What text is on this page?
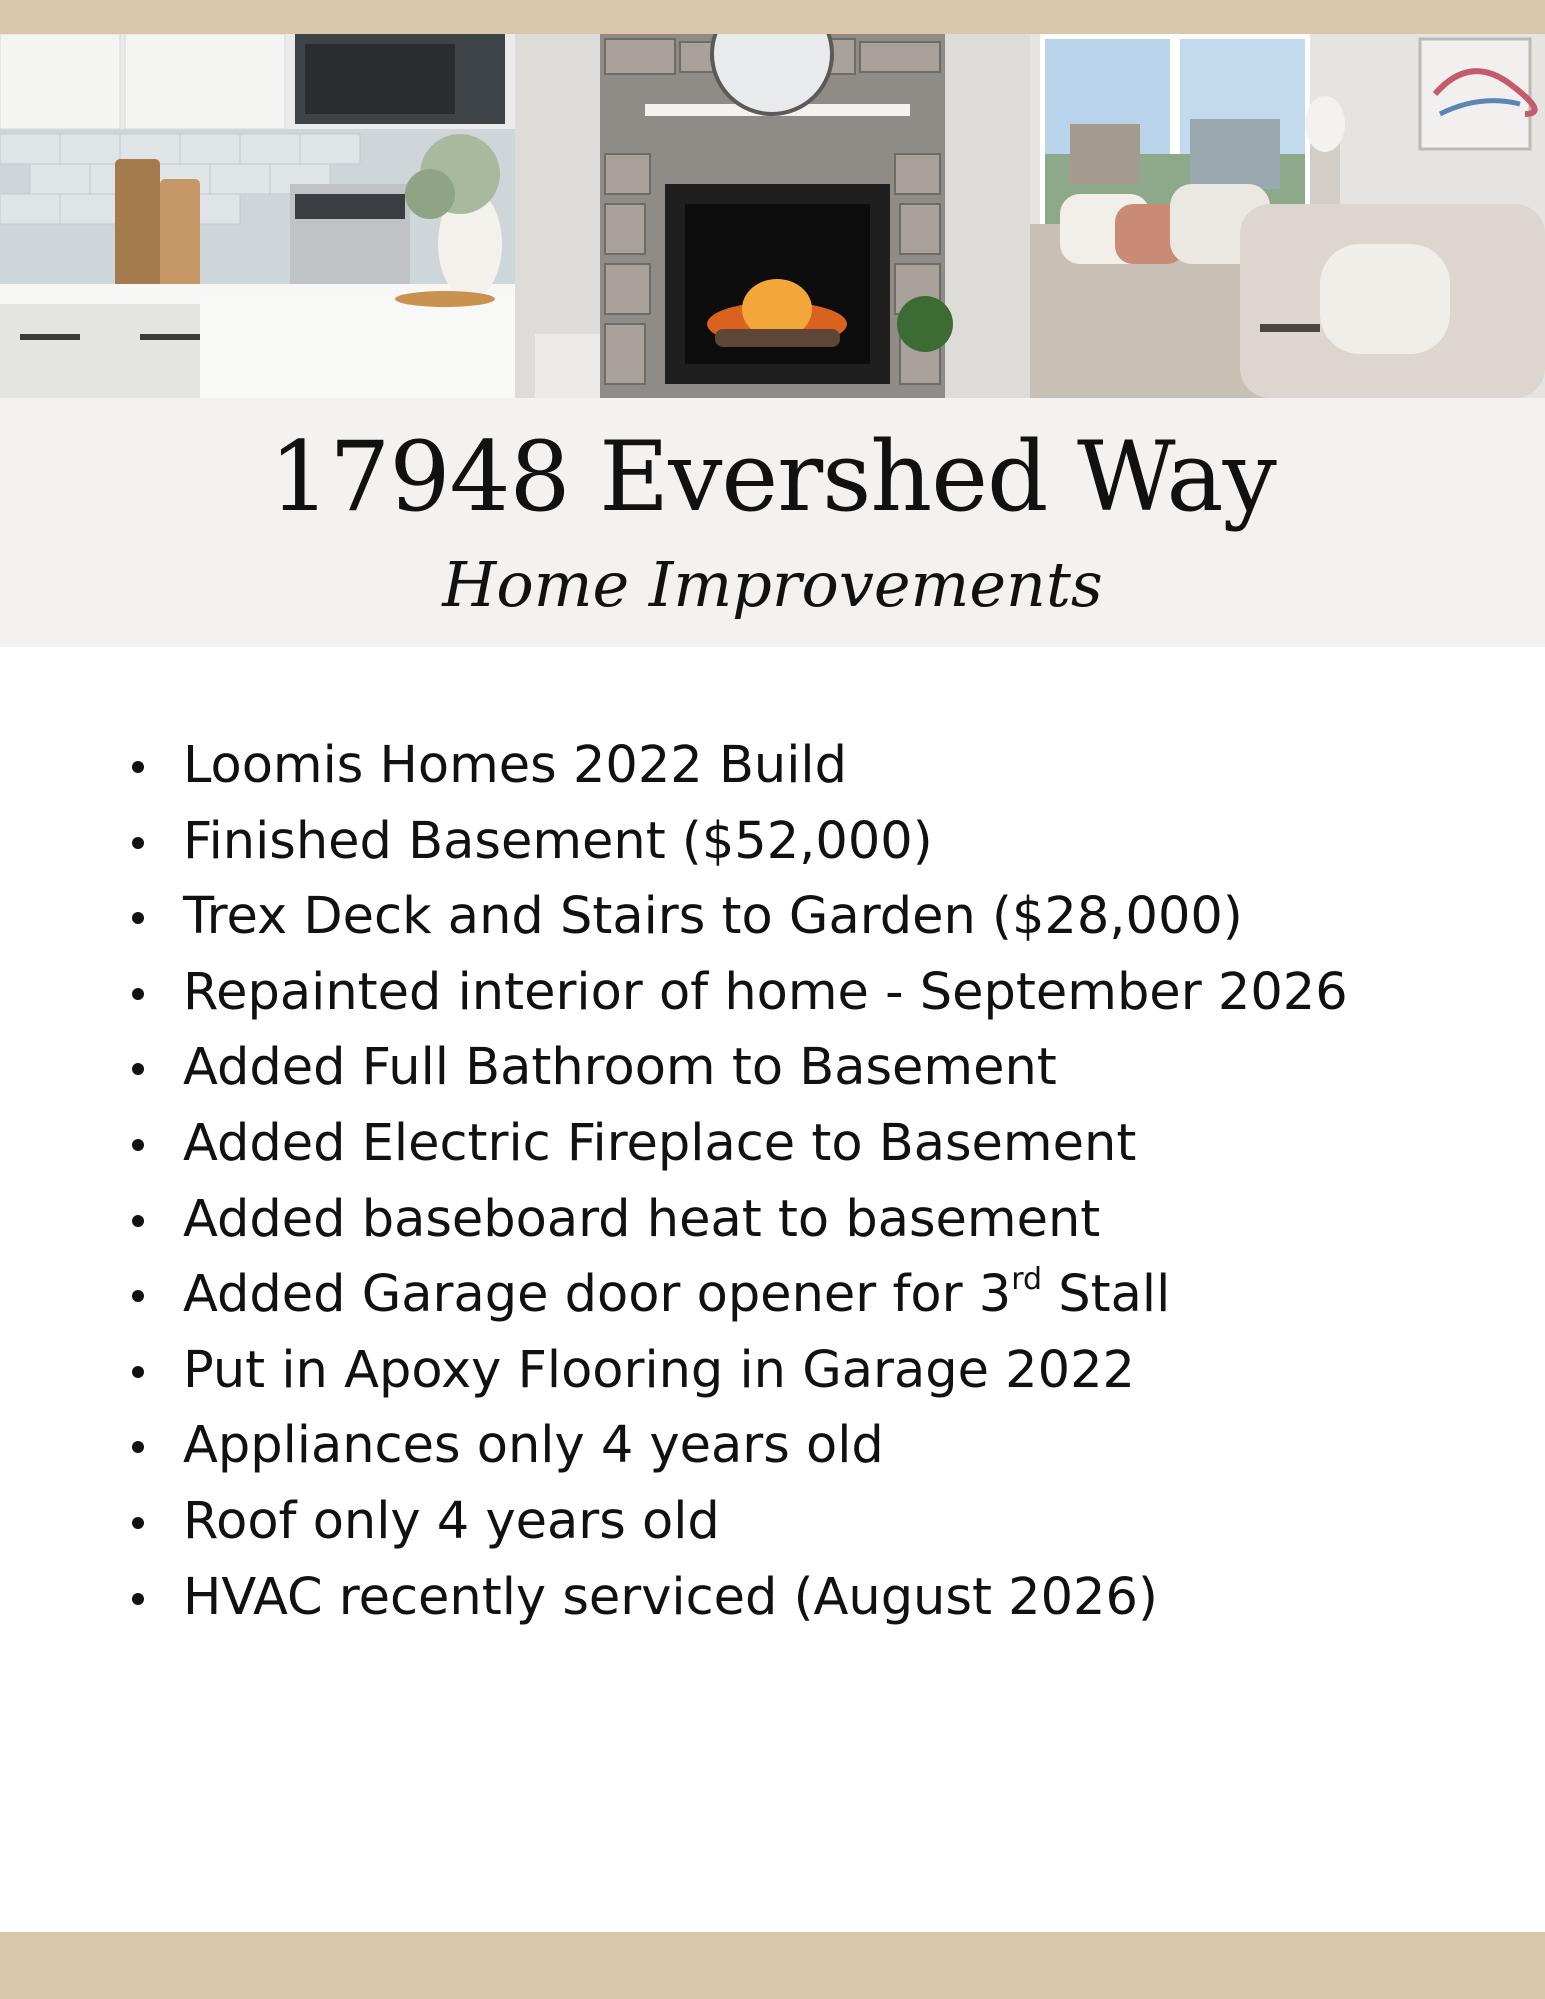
17948 Evershed Way
Home Improvements
Loomis Homes 2022 Build
Finished Basement ($52,000)
Trex Deck and Stairs to Garden ($28,000)
Repainted interior of home - September 2026
Added Full Bathroom to Basement
Added Electric Fireplace to Basement
Added baseboard heat to basement
Added Garage door opener for 3rd Stall
Put in Apoxy Flooring in Garage 2022
Appliances only 4 years old
Roof only 4 years old
HVAC recently serviced (August 2026)
